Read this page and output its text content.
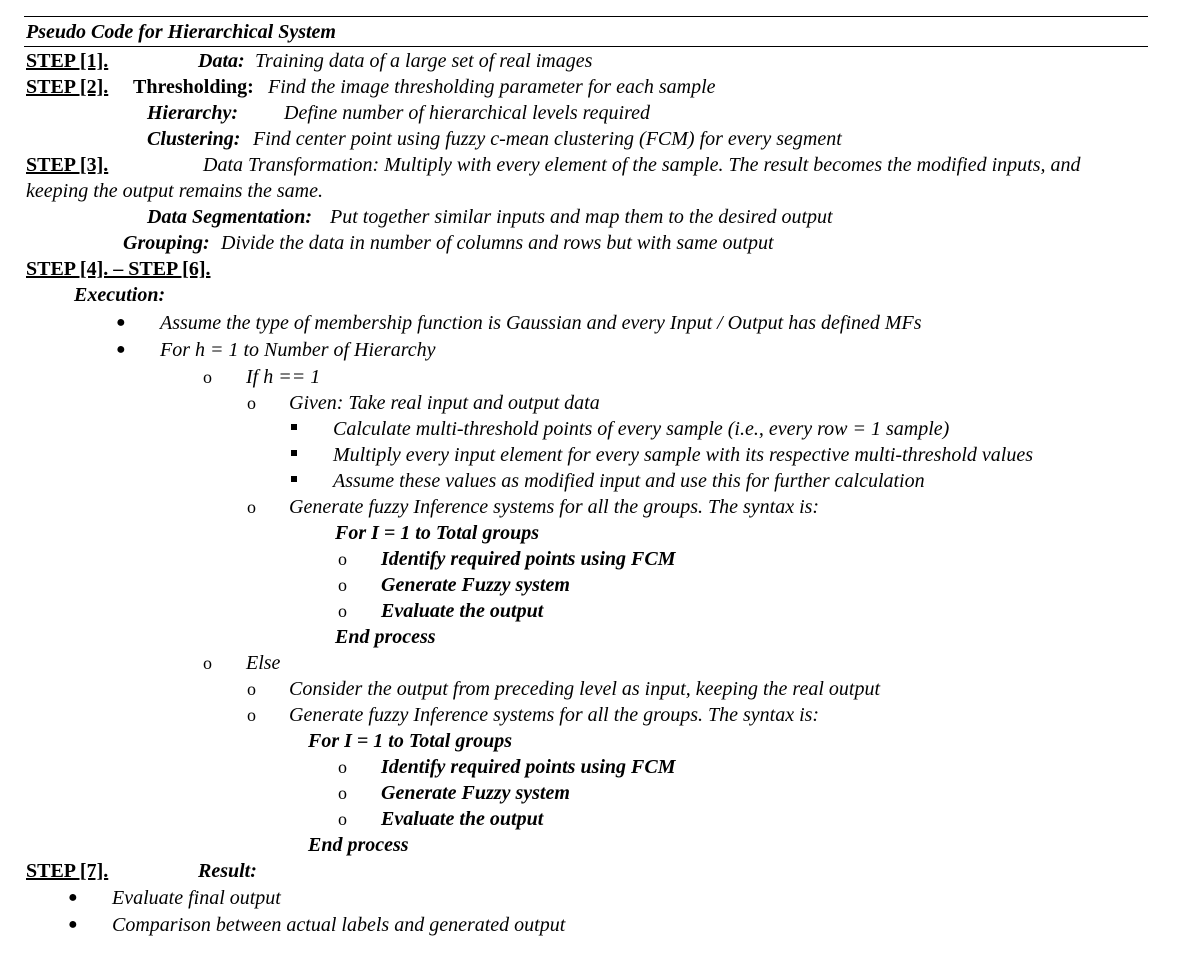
Pseudo Code for Hierarchical System
STEP [1].	Data: Training data of a large set of real images
STEP [2]. Thresholding: Find the image thresholding parameter for each sample
Hierarchy: Define number of hierarchical levels required
Clustering: Find center point using fuzzy c-mean clustering (FCM) for every segment
STEP [3].	Data Transformation: Multiply with every element of the sample. The result becomes the modified inputs, and
keeping the output remains the same.
Data Segmentation: Put together similar inputs and map them to the desired output
Grouping: Divide the data in number of columns and rows but with same output
STEP [4]. – STEP [6].
Execution:
● Assume the type of membership function is Gaussian and every Input / Output has defined MFs
● For h = 1 to Number of Hierarchy
o If h == 1
o Given: Take real input and output data
Calculate multi-threshold points of every sample (i.e., every row = 1 sample)
Multiply every input element for every sample with its respective multi-threshold values
Assume these values as modified input and use this for further calculation
o Generate fuzzy Inference systems for all the groups. The syntax is:
For I = 1 to Total groups
o Identify required points using FCM
o Generate Fuzzy system
o Evaluate the output
End process
o Else
o Consider the output from preceding level as input, keeping the real output
o Generate fuzzy Inference systems for all the groups. The syntax is:
For I = 1 to Total groups
o Identify required points using FCM
o Generate Fuzzy system
o Evaluate the output
End process
STEP [7].	Result:
● Evaluate final output
● Comparison between actual labels and generated output
